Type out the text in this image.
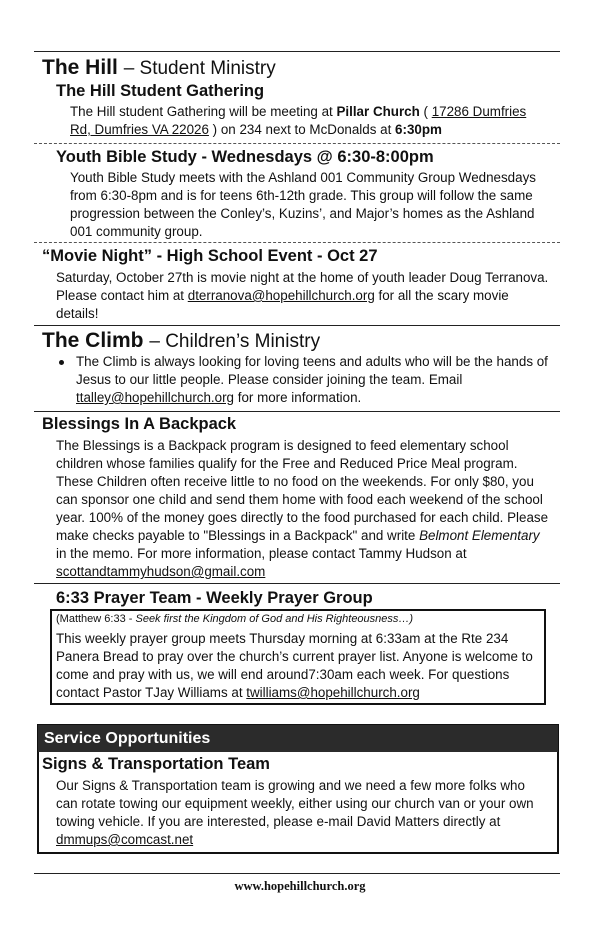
The Hill – Student Ministry
The Hill Student Gathering
The Hill student Gathering will be meeting at Pillar Church ( 17286 Dumfries Rd, Dumfries VA 22026 ) on 234 next to McDonalds at 6:30pm
Youth Bible Study - Wednesdays @ 6:30-8:00pm
Youth Bible Study meets with the Ashland 001 Community Group Wednesdays from 6:30-8pm and is for teens 6th-12th grade. This group will follow the same progression between the Conley’s, Kuzins’, and Major’s homes as the Ashland 001 community group.
“Movie Night” - High School Event - Oct 27
Saturday, October 27th is movie night at the home of youth leader Doug Terranova. Please contact him at dterranova@hopehillchurch.org for all the scary movie details!
The Climb – Children’s Ministry
The Climb is always looking for loving teens and adults who will be the hands of Jesus to our little people. Please consider joining the team. Email ttalley@hopehillchurch.org for more information.
Blessings In A Backpack
The Blessings is a Backpack program is designed to feed elementary school children whose families qualify for the Free and Reduced Price Meal program. These Children often receive little to no food on the weekends. For only $80, you can sponsor one child and send them home with food each weekend of the school year. 100% of the money goes directly to the food purchased for each child. Please make checks payable to "Blessings in a Backpack" and write Belmont Elementary in the memo. For more information, please contact Tammy Hudson at scottandtammyhudson@gmail.com
6:33 Prayer Team - Weekly Prayer Group
(Matthew 6:33 - Seek first the Kingdom of God and His Righteousness…)
This weekly prayer group meets Thursday morning at 6:33am at the Rte 234 Panera Bread to pray over the church’s current prayer list. Anyone is welcome to come and pray with us, we will end around7:30am each week. For questions contact Pastor TJay Williams at twilliams@hopehillchurch.org
Service Opportunities
Signs & Transportation Team
Our Signs & Transportation team is growing and we need a few more folks who can rotate towing our equipment weekly, either using our church van or your own towing vehicle. If you are interested, please e-mail David Matters directly at dmmups@comcast.net
www.hopehillchurch.org
